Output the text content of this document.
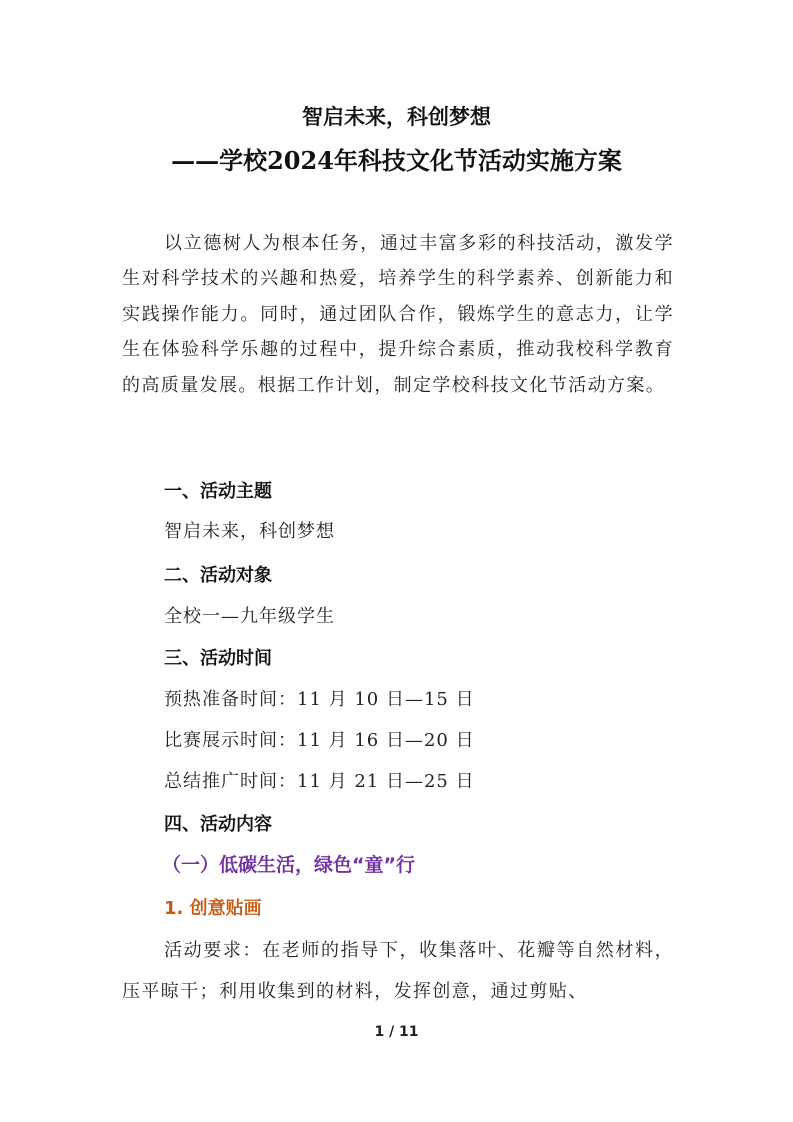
智启未来，科创梦想
——学校2024年科技文化节活动实施方案

以立德树人为根本任务，通过丰富多彩的科技活动，激发学生对科学技术的兴趣和热爱，培养学生的科学素养、创新能力和实践操作能力。同时，通过团队合作，锻炼学生的意志力，让学生在体验科学乐趣的过程中，提升综合素质，推动我校科学教育的高质量发展。根据工作计划，制定学校科技文化节活动方案。

一、活动主题

智启未来，科创梦想

二、活动对象

全校一—九年级学生

三、活动时间

预热准备时间：11 月 10 日—15 日

比赛展示时间：11 月 16 日—20 日

总结推广时间：11 月 21 日—25 日

四、活动内容

（一）低碳生活，绿色“童”行

1. 创意贴画

活动要求：在老师的指导下，收集落叶、花瓣等自然材料，压平晾干；利用收集到的材料，发挥创意，通过剪贴、

1 / 11
